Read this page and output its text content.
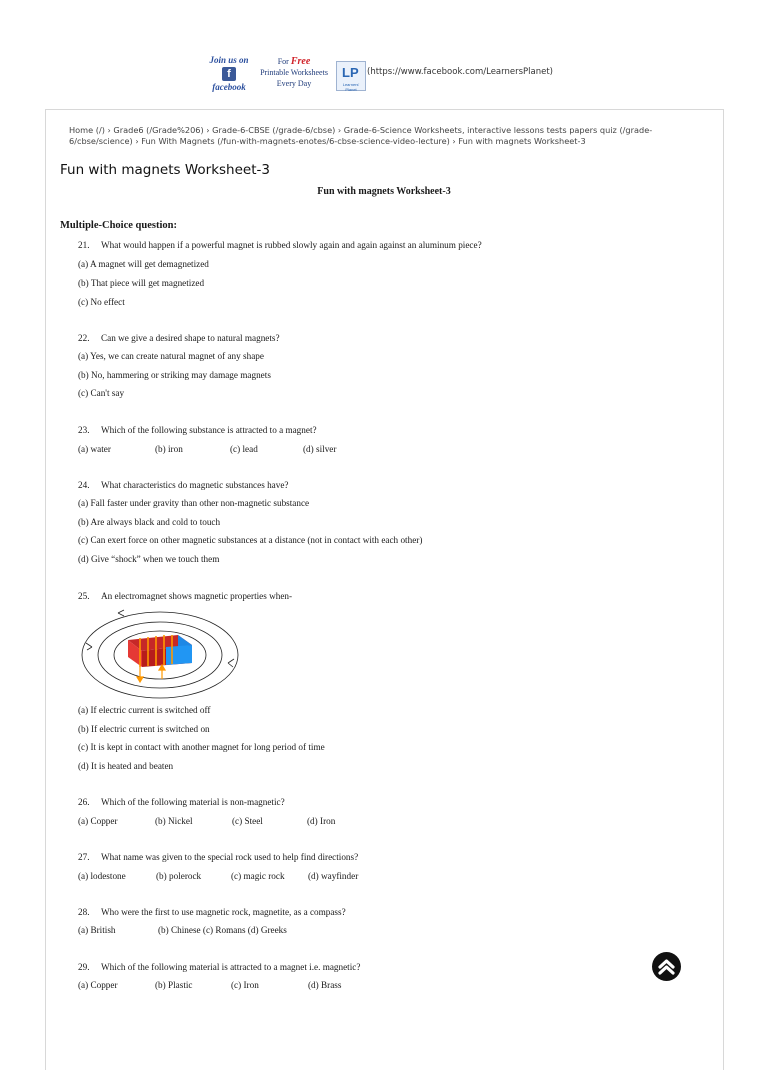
Join us on
f
facebook
For Free
Printable Worksheets
Every Day
LP
Learners' Planet
(https://www.facebook.com/LearnersPlanet)
Home (/) › Grade6 (/Grade%206) › Grade-6-CBSE (/grade-6/cbse) › Grade-6-Science Worksheets, interactive lessons tests papers quiz (/grade-6/cbse/science) › Fun With Magnets (/fun-with-magnets-enotes/6-cbse-science-video-lecture) › Fun with magnets Worksheet-3
Fun with magnets Worksheet-3
Fun with magnets Worksheet-3
Multiple-Choice question:
21. What would happen if a powerful magnet is rubbed slowly again and again against an aluminum piece?
(a) A magnet will get demagnetized
(b) That piece will get magnetized
(c) No effect
22. Can we give a desired shape to natural magnets?
(a) Yes, we can create natural magnet of any shape
(b) No, hammering or striking may damage magnets
(c) Can't say
23. Which of the following substance is attracted to a magnet?
(a) water	(b) iron	(c) lead	(d) silver
24. What characteristics do magnetic substances have?
(a) Fall faster under gravity than other non-magnetic substance
(b) Are always black and cold to touch
(c) Can exert force on other magnetic substances at a distance (not in contact with each other)
(d) Give “shock” when we touch them
25. An electromagnet shows magnetic properties when-
(a) If electric current is switched off
(b) If electric current is switched on
(c) It is kept in contact with another magnet for long period of time
(d) It is heated and beaten
26. Which of the following material is non-magnetic?
(a) Copper	(b) Nickel	(c) Steel	(d) Iron
27. What name was given to the special rock used to help find directions?
(a) lodestone	(b) polerock	(c) magic rock	(d) wayfinder
28. Who were the first to use magnetic rock, magnetite, as a compass?
(a) British	(b) Chinese (c) Romans (d) Greeks
29. Which of the following material is attracted to a magnet i.e. magnetic?
(a) Copper	(b) Plastic	(c) Iron	(d) Brass
